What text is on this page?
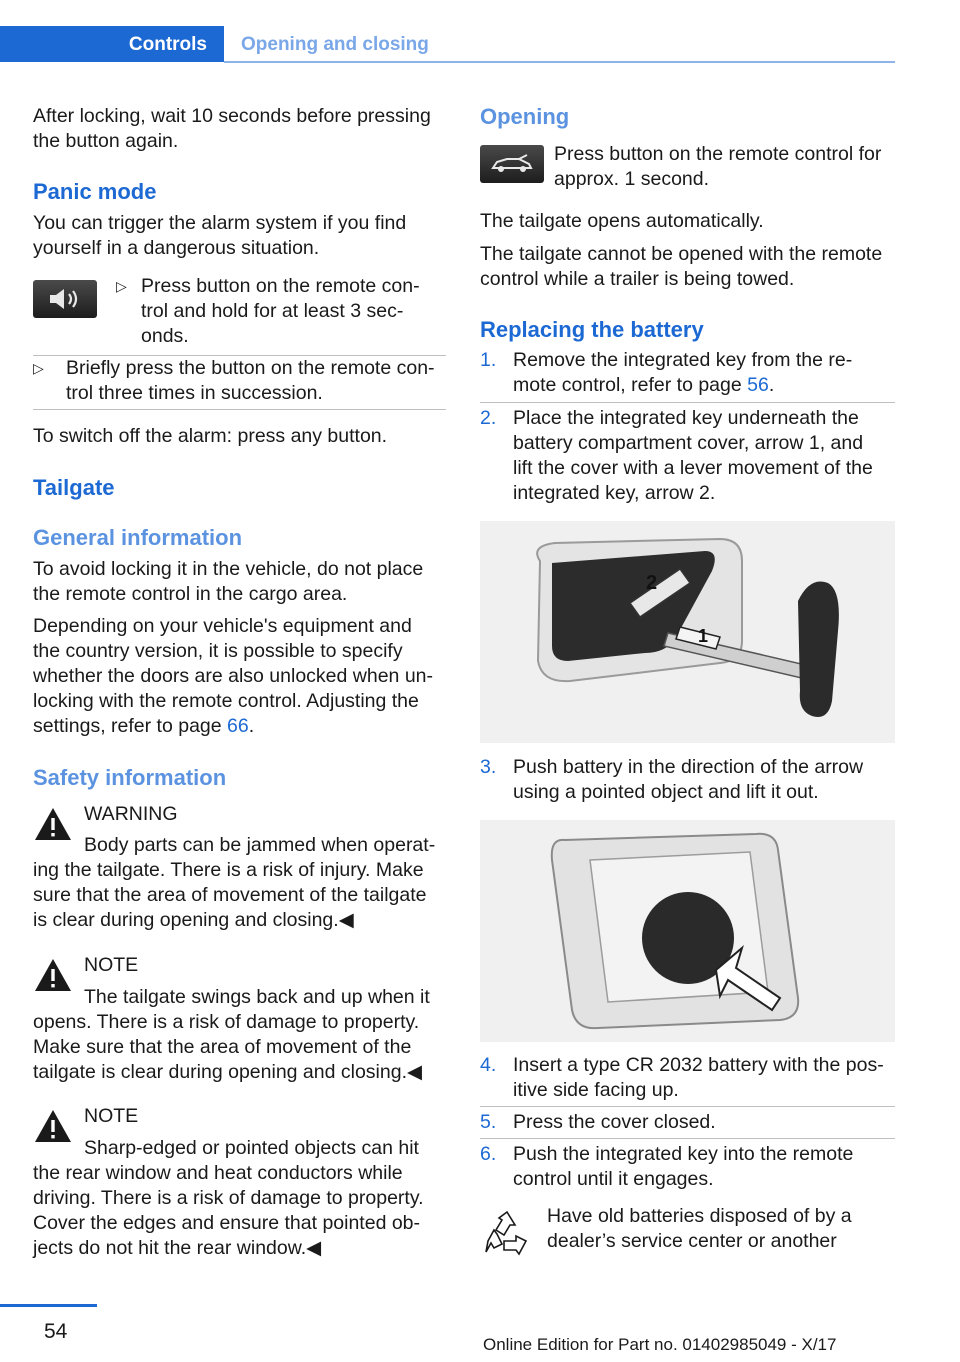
Controls Opening and closing
After locking, wait 10 seconds before pressing
the button again.
Panic mode
You can trigger the alarm system if you find
yourself in a dangerous situation.
▷ Press button on the remote con-
trol and hold for at least 3 sec-
onds.
▷ Briefly press the button on the remote con-
trol three times in succession.
To switch off the alarm: press any button.
Tailgate
General information
To avoid locking it in the vehicle, do not place
the remote control in the cargo area.
Depending on your vehicle's equipment and
the country version, it is possible to specify
whether the doors are also unlocked when un-
locking with the remote control. Adjusting the
settings, refer to page 66.
Safety information
WARNING
Body parts can be jammed when operat-
ing the tailgate. There is a risk of injury. Make
sure that the area of movement of the tailgate
is clear during opening and closing.◀
NOTE
The tailgate swings back and up when it
opens. There is a risk of damage to property.
Make sure that the area of movement of the
tailgate is clear during opening and closing.◀
NOTE
Sharp-edged or pointed objects can hit
the rear window and heat conductors while
driving. There is a risk of damage to property.
Cover the edges and ensure that pointed ob-
jects do not hit the rear window.◀
Opening
Press button on the remote control for
approx. 1 second.
The tailgate opens automatically.
The tailgate cannot be opened with the remote
control while a trailer is being towed.
Replacing the battery
1. Remove the integrated key from the re-
mote control, refer to page 56.
2. Place the integrated key underneath the
battery compartment cover, arrow 1, and
lift the cover with a lever movement of the
integrated key, arrow 2.
2
1
3. Push battery in the direction of the arrow
using a pointed object and lift it out.
4. Insert a type CR 2032 battery with the pos-
itive side facing up.
5. Press the cover closed.
6. Push the integrated key into the remote
control until it engages.
Have old batteries disposed of by a
dealer’s service center or another
54
Online Edition for Part no. 01402985049 - X/17
